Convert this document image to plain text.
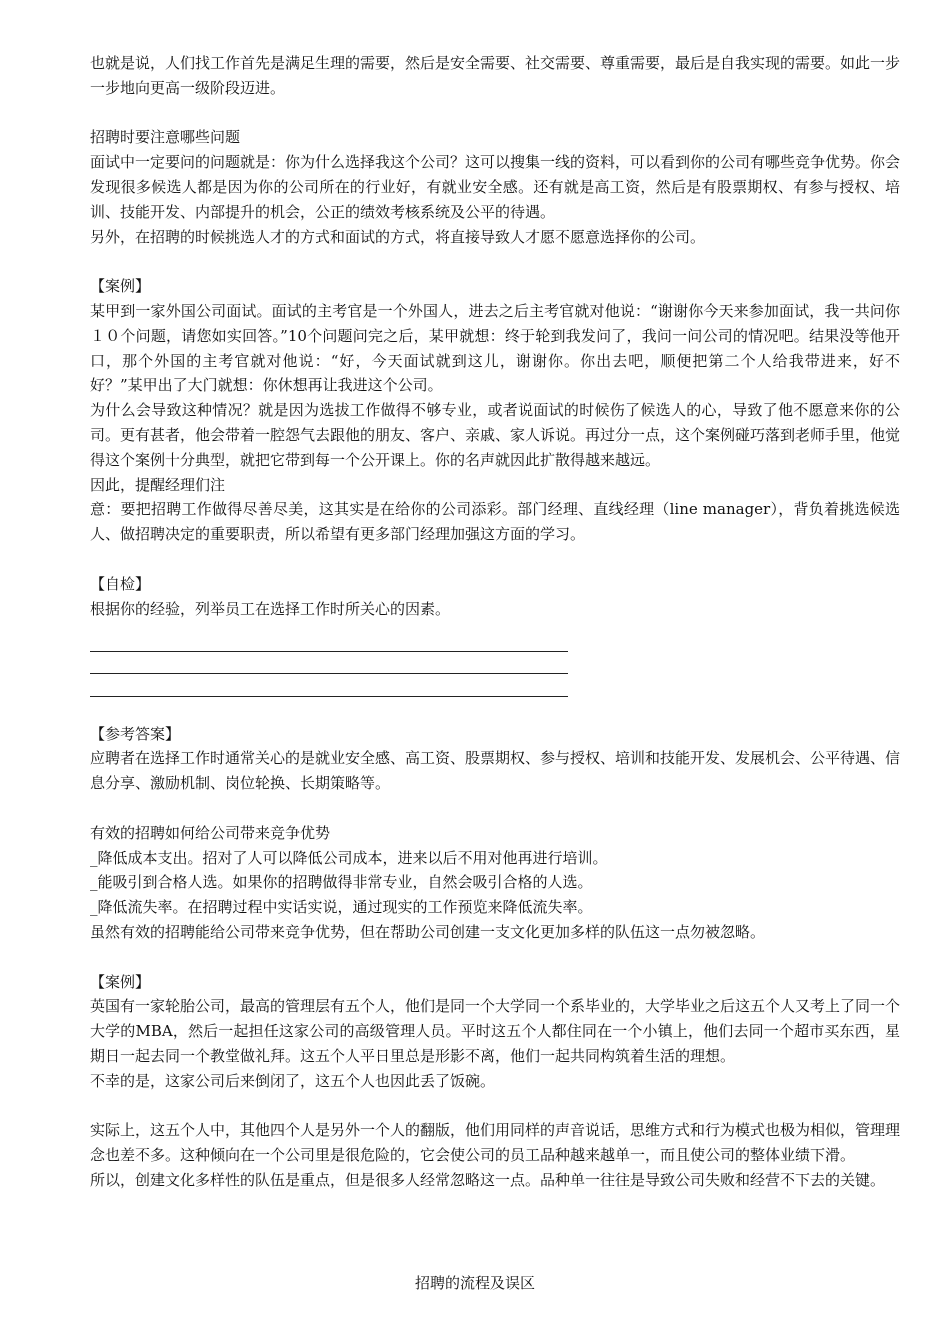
也就是说，人们找工作首先是满足生理的需要，然后是安全需要、社交需要、尊重需要，最后是自我实现的需要。如此一步一步地向更高一级阶段迈进。

招聘时要注意哪些问题

面试中一定要问的问题就是：你为什么选择我这个公司？这可以搜集一线的资料，可以看到你的公司有哪些竞争优势。你会发现很多候选人都是因为你的公司所在的行业好，有就业安全感。还有就是高工资，然后是有股票期权、有参与授权、培训、技能开发、内部提升的机会，公正的绩效考核系统及公平的待遇。

另外，在招聘的时候挑选人才的方式和面试的方式，将直接导致人才愿不愿意选择你的公司。

【案例】

某甲到一家外国公司面试。面试的主考官是一个外国人，进去之后主考官就对他说：“谢谢你今天来参加面试，我一共问你１０个问题，请您如实回答。”10个问题问完之后，某甲就想：终于轮到我发问了，我问一问公司的情况吧。结果没等他开口，那个外国的主考官就对他说：“好，今天面试就到这儿，谢谢你。你出去吧，顺便把第二个人给我带进来，好不好？”某甲出了大门就想：你休想再让我进这个公司。

为什么会导致这种情况？就是因为选拔工作做得不够专业，或者说面试的时候伤了候选人的心，导致了他不愿意来你的公司。更有甚者，他会带着一腔怨气去跟他的朋友、客户、亲戚、家人诉说。再过分一点，这个案例碰巧落到老师手里，他觉得这个案例十分典型，就把它带到每一个公开课上。你的名声就因此扩散得越来越远。

因此，提醒经理们注

意：要把招聘工作做得尽善尽美，这其实是在给你的公司添彩。部门经理、直线经理（line manager），背负着挑选候选人、做招聘决定的重要职责，所以希望有更多部门经理加强这方面的学习。

【自检】

根据你的经验，列举员工在选择工作时所关心的因素。

【参考答案】

应聘者在选择工作时通常关心的是就业安全感、高工资、股票期权、参与授权、培训和技能开发、发展机会、公平待遇、信息分享、激励机制、岗位轮换、长期策略等。

有效的招聘如何给公司带来竞争优势

_降低成本支出。招对了人可以降低公司成本，进来以后不用对他再进行培训。

_能吸引到合格人选。如果你的招聘做得非常专业，自然会吸引合格的人选。

_降低流失率。在招聘过程中实话实说，通过现实的工作预览来降低流失率。

虽然有效的招聘能给公司带来竞争优势，但在帮助公司创建一支文化更加多样的队伍这一点勿被忽略。

【案例】

英国有一家轮胎公司，最高的管理层有五个人，他们是同一个大学同一个系毕业的，大学毕业之后这五个人又考上了同一个大学的MBA，然后一起担任这家公司的高级管理人员。平时这五个人都住同在一个小镇上，他们去同一个超市买东西，星期日一起去同一个教堂做礼拜。这五个人平日里总是形影不离，他们一起共同构筑着生活的理想。

不幸的是，这家公司后来倒闭了，这五个人也因此丢了饭碗。

实际上，这五个人中，其他四个人是另外一个人的翻版，他们用同样的声音说话，思维方式和行为模式也极为相似，管理理念也差不多。这种倾向在一个公司里是很危险的，它会使公司的员工品种越来越单一，而且使公司的整体业绩下滑。

所以，创建文化多样性的队伍是重点，但是很多人经常忽略这一点。品种单一往往是导致公司失败和经营不下去的关键。

招聘的流程及误区
